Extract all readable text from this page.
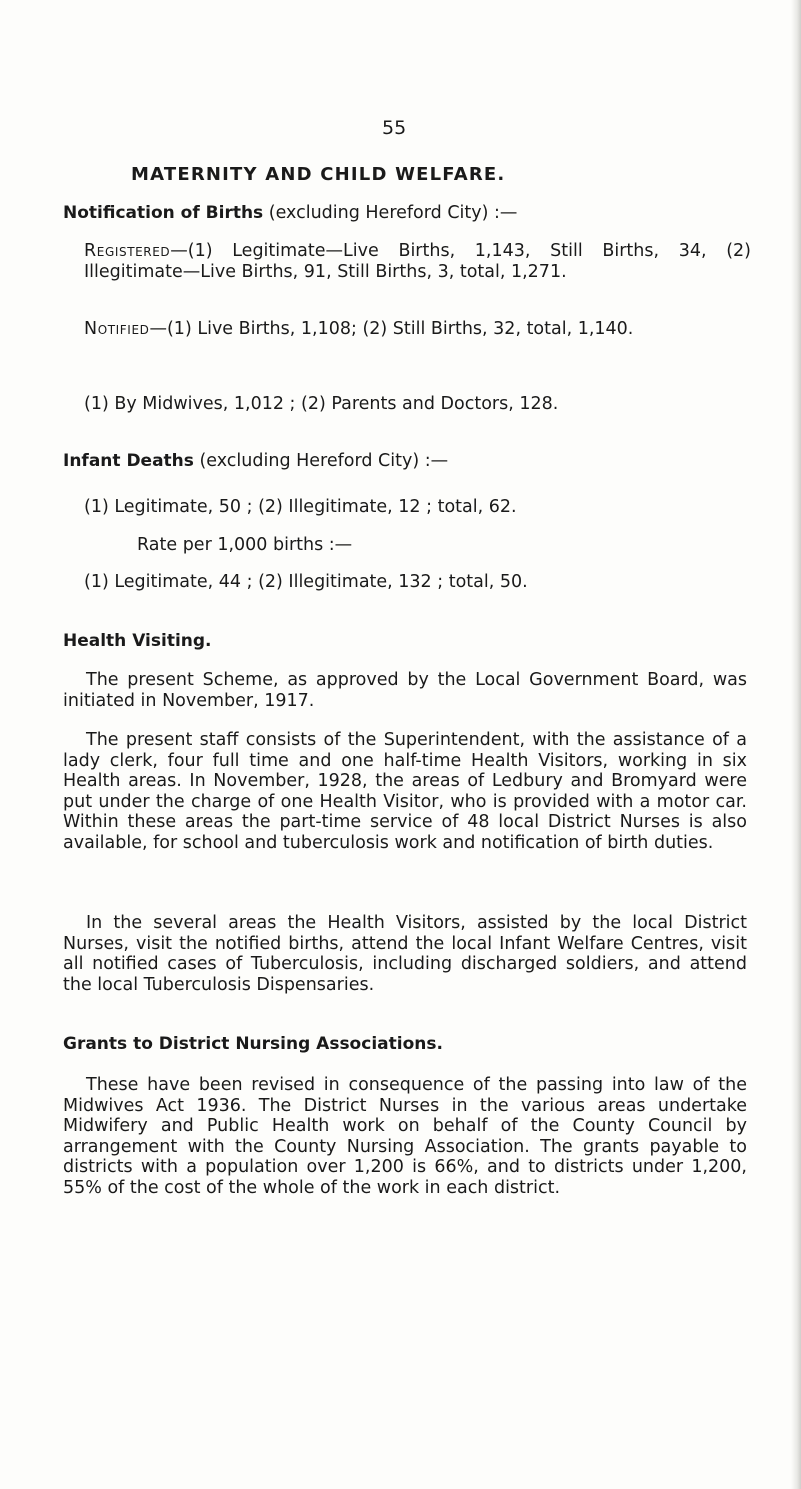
55

MATERNITY AND CHILD WELFARE.

Notification of Births (excluding Hereford City) :—

Registered—(1) Legitimate—Live Births, 1,143, Still Births, 34, (2) Illegitimate—Live Births, 91, Still Births, 3, total, 1,271.

Notified—(1) Live Births, 1,108; (2) Still Births, 32, total, 1,140.

(1) By Midwives, 1,012 ; (2) Parents and Doctors, 128.

Infant Deaths (excluding Hereford City) :—

(1) Legitimate, 50 ; (2) Illegitimate, 12 ; total, 62.

Rate per 1,000 births :—

(1) Legitimate, 44 ; (2) Illegitimate, 132 ; total, 50.

Health Visiting.

The present Scheme, as approved by the Local Government Board, was initiated in November, 1917.

The present staff consists of the Superintendent, with the assistance of a lady clerk, four full time and one half-time Health Visitors, working in six Health areas. In November, 1928, the areas of Ledbury and Bromyard were put under the charge of one Health Visitor, who is provided with a motor car. Within these areas the part-time service of 48 local District Nurses is also available, for school and tuberculosis work and notification of birth duties.

In the several areas the Health Visitors, assisted by the local District Nurses, visit the notified births, attend the local Infant Welfare Centres, visit all notified cases of Tuberculosis, including discharged soldiers, and attend the local Tuberculosis Dispensaries.

Grants to District Nursing Associations.

These have been revised in consequence of the passing into law of the Midwives Act 1936. The District Nurses in the various areas undertake Midwifery and Public Health work on behalf of the County Council by arrangement with the County Nursing Association. The grants payable to districts with a population over 1,200 is 66%, and to districts under 1,200, 55% of the cost of the whole of the work in each district.
